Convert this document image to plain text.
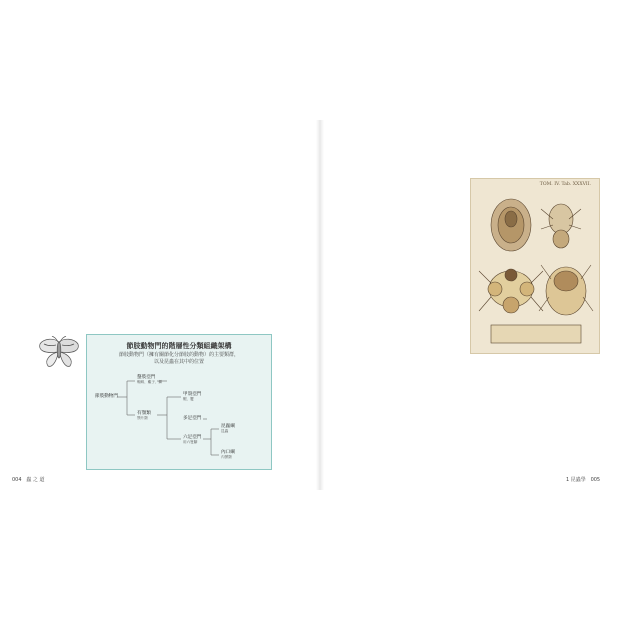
節肢動物門的階層性分類組織架構
節肢動物門（擁有關節化分節肢的動物）的主要類群，
以及昆蟲在其中的位置
節肢動物門
螯肢亞門
蜘蛛、蠍子、鱟
甲殼亞門
蝦、蟹
有顎類
顎片類	多足亞門
六足亞門
用六隻腳
昆蟲綱
昆蟲
內口綱
內顎類
004 蟲 之 道

TOM. IV. Tab. XXXVII.
1 昆蟲學 005
